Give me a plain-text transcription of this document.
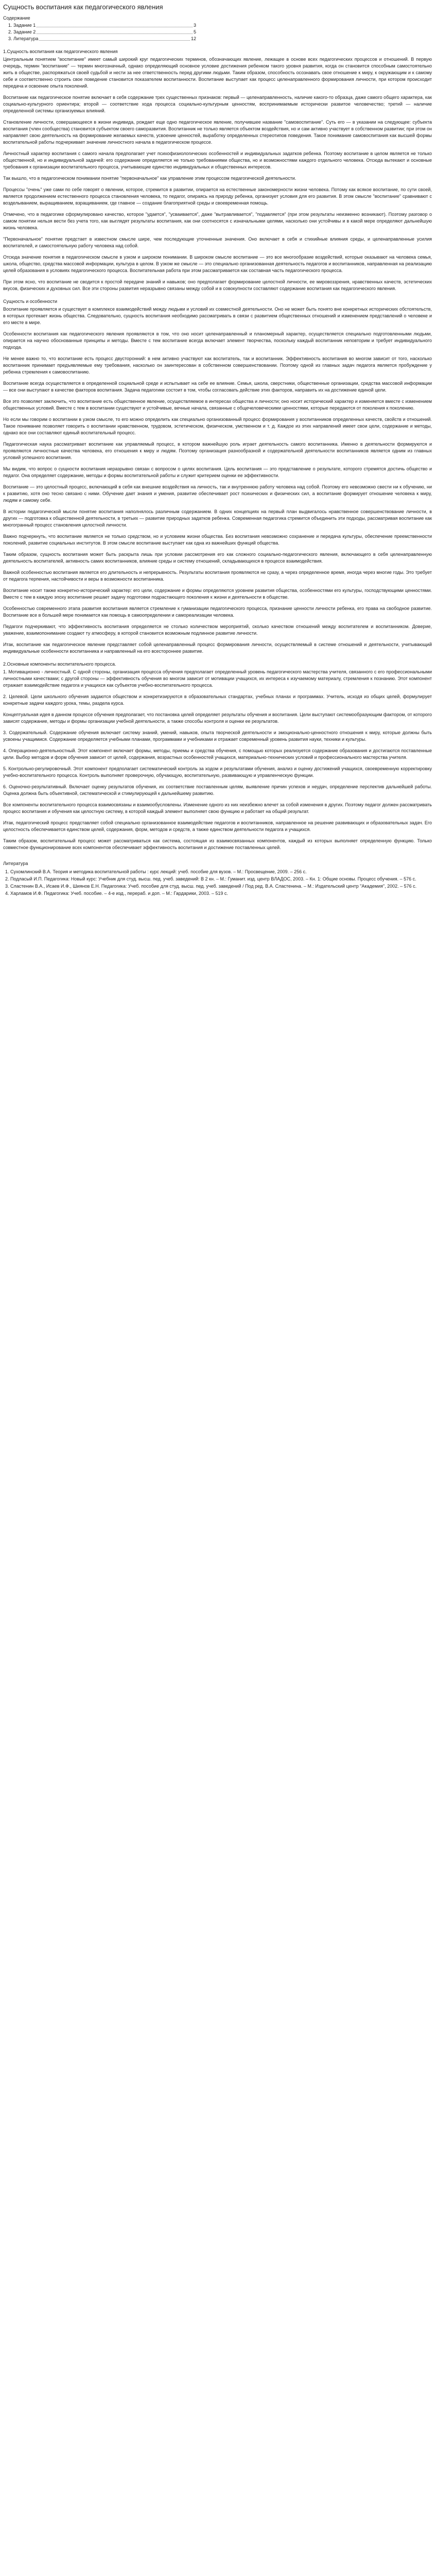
Сущность воспитания как педагогического явления
Содержание
1. Задание 1	3
2. Задание 2	5
3. Литература	12
1.Сущность воспитания как педагогического явления

Центральным понятием "воспитание" имеет самый широкий круг педагогических терминов, обозначающих явление, лежащее в основе всех педагогических процессов и отношений. В первую очередь, термин "воспитание" — термин многозначный, однако определяющий основное условие достижения ребенком такого уровня развития, когда он становится способным самостоятельно жить в обществе, распоряжаться своей судьбой и нести за нее ответственность перед другими людьми. Таким образом, способность осознавать свое отношение к миру, к окружающим и к самому себе и соответственно строить свое поведение становится показателем воспитанности. Воспитание выступает как процесс целенаправленного формирования личности, при котором происходит передача и освоение опыта поколений.

Воспитание как педагогическое понятие включает в себя содержание трех существенных признаков: первый — целенаправленность, наличие какого-то образца, даже самого общего характера, как социально-культурного ориентира; второй — соответствие хода процесса социально-культурным ценностям, воспринимаемым исторически развитое человечество; третий — наличие определенной системы организуемых влияний.

Становление личности, совершающееся в жизни индивида, рождает еще одно педагогическое явление, получившее название "самовоспитание". Суть его — в указании на следующее: субъекта воспитания (член сообщества) становится субъектом своего саморазвития. Воспитанник не только является объектом воздействия, но и сам активно участвует в собственном развитии; при этом он направляет свою деятельность на формирование желаемых качеств, усвоение ценностей, выработку определенных стереотипов поведения. Такое понимание самовоспитания как высшей формы воспитательной работы подчеркивает значение личностного начала в педагогическом процессе.

Личностный характер воспитания с самого начала предполагает учет психофизиологических особенностей и индивидуальных задатков ребенка. Поэтому воспитание в целом является не только общественной, но и индивидуальной задачей: его содержание определяется не только требованиями общества, но и возможностями каждого отдельного человека. Отсюда вытекают и основные требования к организации воспитательного процесса, учитывающие единство индивидуальных и общественных интересов.

Так вышло, что в педагогическом понимании понятие "первоначальное" как управление этим процессом педагогической деятельности.

Процессы "очень" уже сами по себе говорят о явлении, которое, стремится в развитии, опирается на естественные закономерности жизни человека. Потому как всякое воспитание, по сути своей, является продолжением естественного процесса становления человека, то педагог, опираясь на природу ребенка, организует условия для его развития. В этом смысле "воспитание" сравнивают с возделыванием, выращиванием, взращиванием, где главное — создание благоприятной среды и своевременная помощь.

Отмечено, что в педагогике сформулировано качество, которое "удается", "усваивается", даже "вытравливается", "подавляется" (при этом результаты неизменно возникают). Поэтому разговор о самом понятии нельзя вести без учета того, как выглядят результаты воспитания, как они соотносятся с изначальными целями, насколько они устойчивы и в какой мере определяют дальнейшую жизнь человека.

"Первоначальное" понятие предстает в известном смысле шире, чем последующие уточненные значения. Оно включает в себя и стихийные влияния среды, и целенаправленные усилия воспитателей, и самостоятельную работу человека над собой.

Отсюда значение понятия в педагогическом смысле в узком и широком понимании. В широком смысле воспитание — это все многообразие воздействий, которые оказывают на человека семья, школа, общество, средства массовой информации, культура в целом. В узком же смысле — это специально организованная деятельность педагогов и воспитанников, направленная на реализацию целей образования в условиях педагогического процесса. Воспитательная работа при этом рассматривается как составная часть педагогического процесса.

При этом ясно, что воспитание не сводится к простой передаче знаний и навыков; оно предполагает формирование целостной личности, ее мировоззрения, нравственных качеств, эстетических вкусов, физических и духовных сил. Все эти стороны развития неразрывно связаны между собой и в совокупности составляют содержание воспитания как педагогического явления.

Сущность и особенности

Воспитание проявляется и существует в комплексе взаимодействий между людьми и условий их совместной деятельности. Оно не может быть понято вне конкретных исторических обстоятельств, в которых протекает жизнь общества. Следовательно, сущность воспитания необходимо рассматривать в связи с развитием общественных отношений и изменением представлений о человеке и его месте в мире.

Особенности воспитания как педагогического явления проявляются в том, что оно носит целенаправленный и планомерный характер, осуществляется специально подготовленными людьми, опирается на научно обоснованные принципы и методы. Вместе с тем воспитание всегда включает элемент творчества, поскольку каждый воспитанник неповторим и требует индивидуального подхода.

Не менее важно то, что воспитание есть процесс двусторонний: в нем активно участвуют как воспитатель, так и воспитанник. Эффективность воспитания во многом зависит от того, насколько воспитанник принимает предъявляемые ему требования, насколько он заинтересован в собственном совершенствовании. Поэтому одной из главных задач педагога является пробуждение у ребенка стремления к самовоспитанию.

Воспитание всегда осуществляется в определенной социальной среде и испытывает на себе ее влияние. Семья, школа, сверстники, общественные организации, средства массовой информации — все они выступают в качестве факторов воспитания. Задача педагогики состоит в том, чтобы согласовать действие этих факторов, направить их на достижение единой цели.

Все это позволяет заключить, что воспитание есть общественное явление, осуществляемое в интересах общества и личности; оно носит исторический характер и изменяется вместе с изменением общественных условий. Вместе с тем в воспитании существуют и устойчивые, вечные начала, связанные с общечеловеческими ценностями, которые передаются от поколения к поколению.

Но если мы говорим о воспитании в узком смысле, то его можно определить как специально организованный процесс формирования у воспитанников определенных качеств, свойств и отношений. Такое понимание позволяет говорить о воспитании нравственном, трудовом, эстетическом, физическом, умственном и т. д. Каждое из этих направлений имеет свои цели, содержание и методы, однако все они составляют единый воспитательный процесс.

Педагогическая наука рассматривает воспитание как управляемый процесс, в котором важнейшую роль играет деятельность самого воспитанника. Именно в деятельности формируются и проявляются личностные качества человека, его отношения к миру и людям. Поэтому организация разнообразной и содержательной деятельности воспитанников является одним из главных условий успешного воспитания.

Мы видим, что вопрос о сущности воспитания неразрывно связан с вопросом о целях воспитания. Цель воспитания — это представление о результате, которого стремятся достичь общество и педагог. Она определяет содержание, методы и формы воспитательной работы и служит критерием оценки ее эффективности.

Воспитание — это целостный процесс, включающий в себя как внешние воздействия на личность, так и внутреннюю работу человека над собой. Поэтому его невозможно свести ни к обучению, ни к развитию, хотя оно тесно связано с ними. Обучение дает знания и умения, развитие обеспечивает рост психических и физических сил, а воспитание формирует отношение человека к миру, людям и самому себе.

В истории педагогической мысли понятие воспитания наполнялось различным содержанием. В одних концепциях на первый план выдвигалось нравственное совершенствование личности, в других — подготовка к общественной деятельности, в третьих — развитие природных задатков ребенка. Современная педагогика стремится объединить эти подходы, рассматривая воспитание как многогранный процесс становления целостной личности.

Важно подчеркнуть, что воспитание является не только средством, но и условием жизни общества. Без воспитания невозможно сохранение и передача культуры, обеспечение преемственности поколений, развитие социальных институтов. В этом смысле воспитание выступает как одна из важнейших функций общества.

Таким образом, сущность воспитания может быть раскрыта лишь при условии рассмотрения его как сложного социально-педагогического явления, включающего в себя целенаправленную деятельность воспитателей, активность самих воспитанников, влияние среды и систему отношений, складывающихся в процессе взаимодействия.

Важной особенностью воспитания является его длительность и непрерывность. Результаты воспитания проявляются не сразу, а через определенное время, иногда через многие годы. Это требует от педагога терпения, настойчивости и веры в возможности воспитанника.

Воспитание носит также конкретно-исторический характер: его цели, содержание и формы определяются уровнем развития общества, особенностями его культуры, господствующими ценностями. Вместе с тем в каждую эпоху воспитание решает задачу подготовки подрастающего поколения к жизни и деятельности в обществе.

Особенностью современного этапа развития воспитания является стремление к гуманизации педагогического процесса, признание ценности личности ребенка, его права на свободное развитие. Воспитание все в большей мере понимается как помощь в самоопределении и самореализации человека.

Педагоги подчеркивают, что эффективность воспитания определяется не столько количеством мероприятий, сколько качеством отношений между воспитателем и воспитанником. Доверие, уважение, взаимопонимание создают ту атмосферу, в которой становится возможным подлинное развитие личности.

Итак, воспитание как педагогическое явление представляет собой целенаправленный процесс формирования личности, осуществляемый в системе отношений и деятельности, учитывающий индивидуальные особенности воспитанника и направленный на его всестороннее развитие.

2.Основные компоненты воспитательного процесса.

1. Мотивационно - личностный. С одной стороны, организация процесса обучения предполагает определенный уровень педагогического мастерства учителя, связанного с его профессиональными личностными качествами; с другой стороны — эффективность обучения во многом зависит от мотивации учащихся, их интереса к изучаемому материалу, стремления к познанию. Этот компонент отражает взаимодействие педагога и учащихся как субъектов учебно-воспитательного процесса.

2. Целевой. Цели школьного обучения задаются обществом и конкретизируются в образовательных стандартах, учебных планах и программах. Учитель, исходя из общих целей, формулирует конкретные задачи каждого урока, темы, раздела курса.

Концептуальная идея в данном процессе обучения предполагает, что постановка целей определяет результаты обучения и воспитания. Цели выступают системообразующим фактором, от которого зависят содержание, методы и формы организации учебной деятельности, а также способы контроля и оценки ее результатов.

3. Содержательный. Содержание обучения включает систему знаний, умений, навыков, опыта творческой деятельности и эмоционально-ценностного отношения к миру, которые должны быть усвоены учащимися. Содержание определяется учебными планами, программами и учебниками и отражает современный уровень развития науки, техники и культуры.

4. Операционно-деятельностный. Этот компонент включает формы, методы, приемы и средства обучения, с помощью которых реализуется содержание образования и достигаются поставленные цели. Выбор методов и форм обучения зависит от целей, содержания, возрастных особенностей учащихся, материально-технических условий и профессионального мастерства учителя.

5. Контрольно-регулировочный. Этот компонент предполагает систематический контроль за ходом и результатами обучения, анализ и оценку достижений учащихся, своевременную корректировку учебно-воспитательного процесса. Контроль выполняет проверочную, обучающую, воспитательную, развивающую и управленческую функции.

6. Оценочно-результативный. Включает оценку результатов обучения, их соответствие поставленным целям, выявление причин успехов и неудач, определение перспектив дальнейшей работы. Оценка должна быть объективной, систематической и стимулирующей к дальнейшему развитию.

Все компоненты воспитательного процесса взаимосвязаны и взаимообусловлены. Изменение одного из них неизбежно влечет за собой изменения в других. Поэтому педагог должен рассматривать процесс воспитания и обучения как целостную систему, в которой каждый элемент выполняет свою функцию и работает на общий результат.

Итак, педагогический процесс представляет собой специально организованное взаимодействие педагогов и воспитанников, направленное на решение развивающих и образовательных задач. Его целостность обеспечивается единством целей, содержания, форм, методов и средств, а также единством деятельности педагога и учащихся.

Таким образом, воспитательный процесс может рассматриваться как система, состоящая из взаимосвязанных компонентов, каждый из которых выполняет определенную функцию. Только совместное функционирование всех компонентов обеспечивает эффективность воспитания и достижение поставленных целей.

Литература
1. Сухомлинский В.А. Теория и методика воспитательной работы : курс лекций: учеб. пособие для вузов. – М.: Просвещение, 2009. – 256 с.
2. Подласый И.П. Педагогика: Новый курс: Учебник для студ. высш. пед. учеб. заведений: В 2 кн. – М.: Гуманит. изд. центр ВЛАДОС, 2003. – Кн. 1: Общие основы. Процесс обучения. – 576 с.
3. Сластенин В.А., Исаев И.Ф., Шиянов Е.Н. Педагогика: Учеб. пособие для студ. высш. пед. учеб. заведений / Под ред. В.А. Сластенина. – М.: Издательский центр "Академия", 2002. – 576 с.
4. Харламов И.Ф. Педагогика: Учеб. пособие. – 4-е изд., перераб. и доп. – М.: Гардарики, 2003. – 519 с.
